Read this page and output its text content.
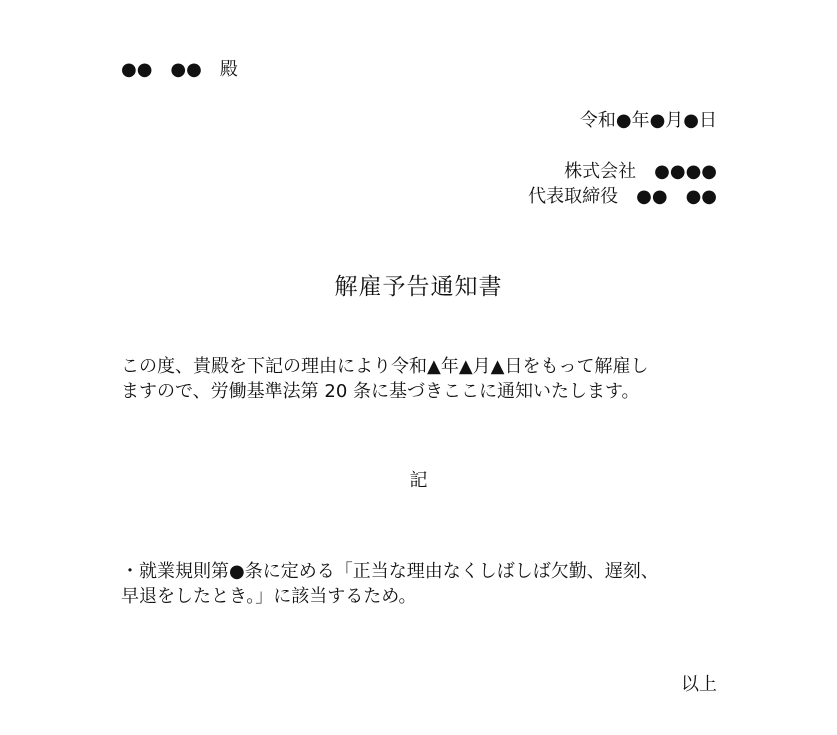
●●　●●　殿
令和●年●月●日
株式会社　●●●●
代表取締役　●●　●●
解雇予告通知書

この度、貴殿を下記の理由により令和▲年▲月▲日をもって解雇し

ますので、労働基準法第 20 条に基づきここに通知いたします。

記

・就業規則第●条に定める「正当な理由なくしばしば欠勤、遅刻、

早退をしたとき。」に該当するため。

以上
